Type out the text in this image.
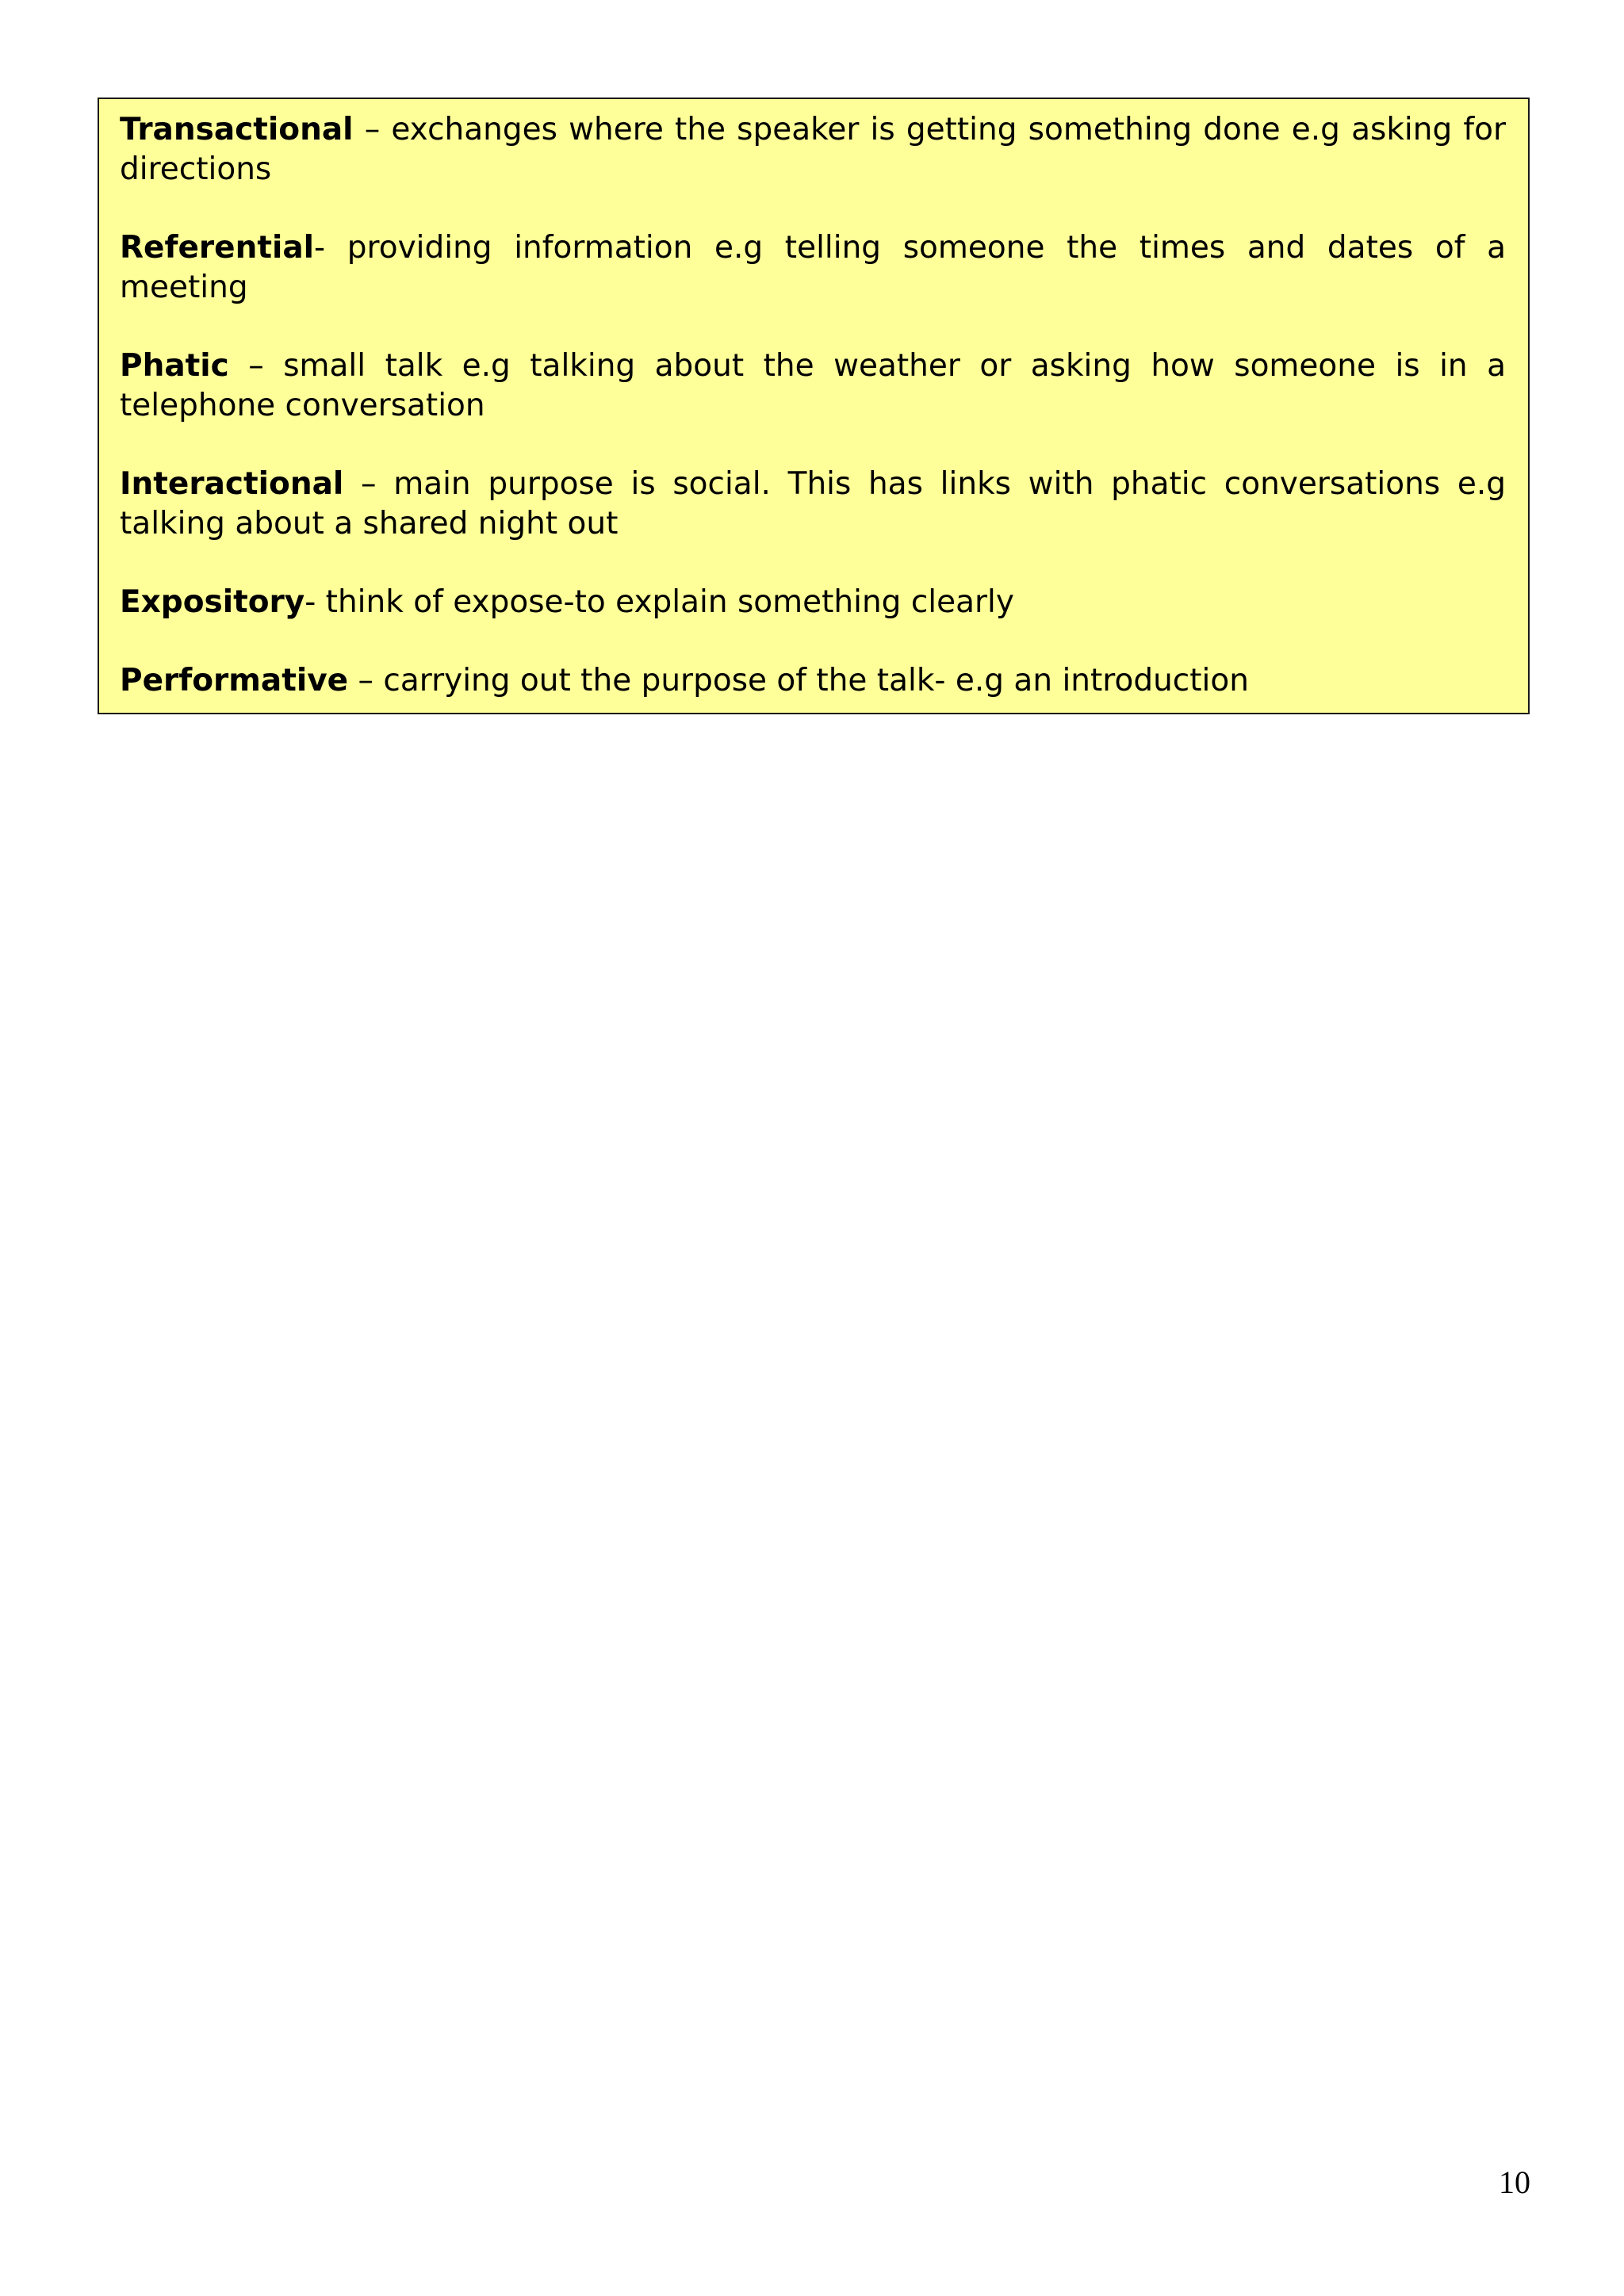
Transactional – exchanges where the speaker is getting something done e.g asking for directions

Referential- providing information e.g telling someone the times and dates of a meeting

Phatic – small talk e.g talking about the weather or asking how someone is in a telephone conversation

Interactional – main purpose is social. This has links with phatic conversations e.g talking about a shared night out

Expository- think of expose-to explain something clearly

Performative – carrying out the purpose of the talk- e.g an introduction

10
